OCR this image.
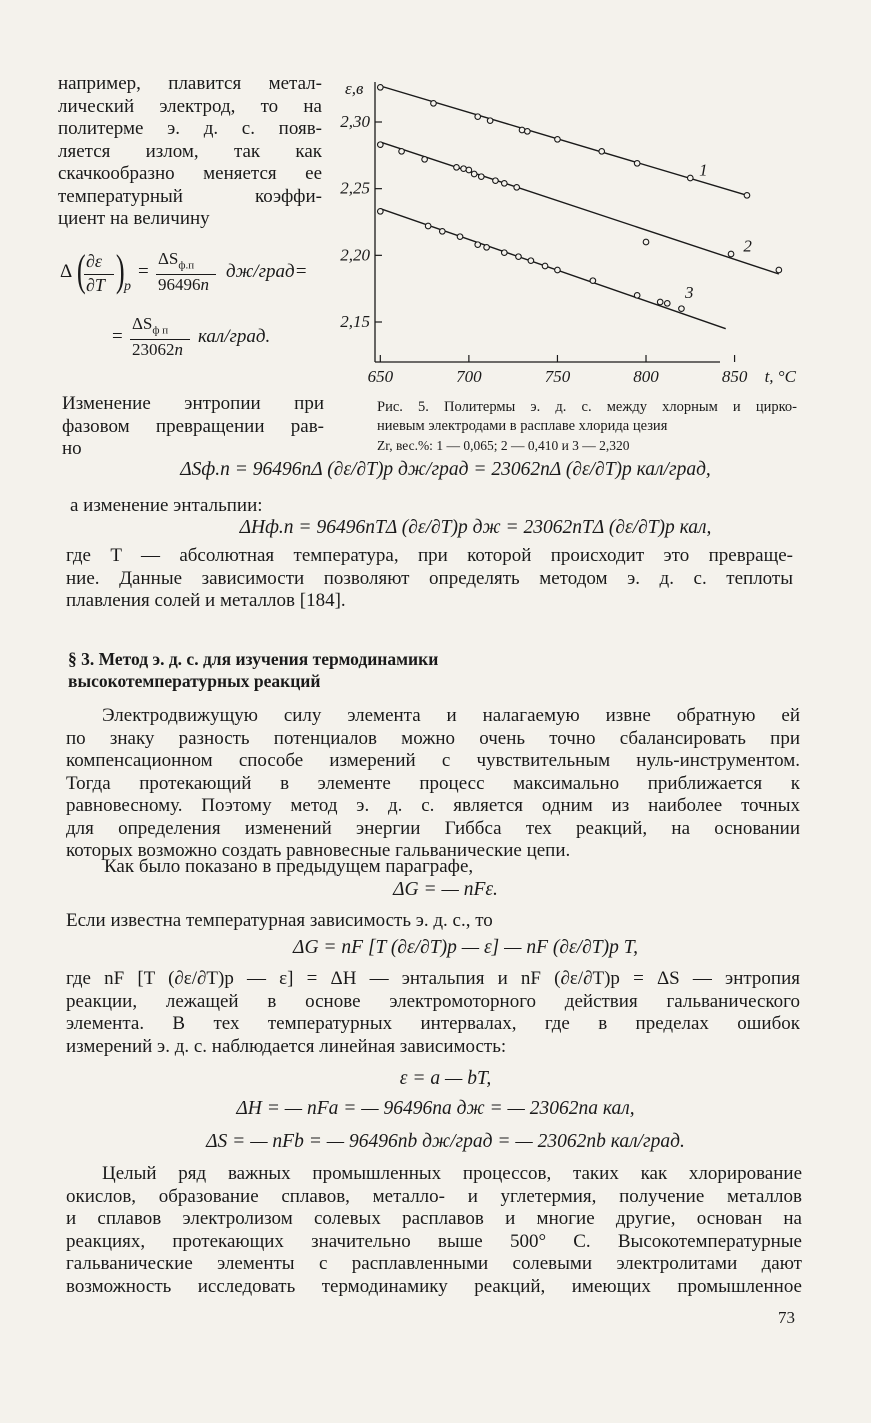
например, плавится метал-
лический электрод, то на
политерме э. д. с. появ-
ляется излом, так как
скачкообразно меняется ее
температурный коэффи-
циент на величину
Δ ( ∂ε
∂T ) p
=
$\Delta S_{ф.п}$
96496n
дж/град=
=
$\Delta S_{ф п}$
23062n
кал/град.
Изменение энтропии при
фазовом превращении рав-
но
ε,в
2,30
2,25
2,20
2,15
650	700	750	800	850 t, °C
1
2
3
Рис. 5. Политермы э. д. с. между хлорным и цирко-
ниевым электродами в расплаве хлорида цезия
Zr, вес.%: 1 — 0,065; 2 — 0,410 и 3 — 2,320
ΔSф.п = 96496nΔ (∂ε/∂T)p дж/град = 23062nΔ (∂ε/∂T)p кал/град,
а изменение энтальпии:
ΔHф.п = 96496nTΔ (∂ε/∂T)p дж = 23062nTΔ (∂ε/∂T)p кал,
где T — абсолютная температура, при которой происходит это превраще-
ние. Данные зависимости позволяют определять методом э. д. с. теплоты
плавления солей и металлов [184].
§ 3. Метод э. д. с. для изучения термодинамики
высокотемпературных реакций
Электродвижущую силу элемента и налагаемую извне обратную ей
по знаку разность потенциалов можно очень точно сбалансировать при
компенсационном способе измерений с чувствительным нуль-инструментом.
Тогда протекающий в элементе процесс максимально приближается к
равновесному. Поэтому метод э. д. с. является одним из наиболее точных
для определения изменений энергии Гиббса тех реакций, на основании
которых возможно создать равновесные гальванические цепи.
Как было показано в предыдущем параграфе,
ΔG = — nFε.
Если известна температурная зависимость э. д. с., то
ΔG = nF [T (∂ε/∂T)p — ε] — nF (∂ε/∂T)p T,
где nF [T (∂ε/∂T)p — ε] = ΔH — энтальпия и nF (∂ε/∂T)p = ΔS — энтропия
реакции, лежащей в основе электромоторного действия гальванического
элемента. В тех температурных интервалах, где в пределах ошибок
измерений э. д. с. наблюдается линейная зависимость:
ε = a — bT,
ΔH = — nFa = — 96496na дж = — 23062na кал,
ΔS = — nFb = — 96496nb дж/град = — 23062nb кал/град.
Целый ряд важных промышленных процессов, таких как хлорирование
окислов, образование сплавов, металло- и углетермия, получение металлов
и сплавов электролизом солевых расплавов и многие другие, основан на
реакциях, протекающих значительно выше 500° С. Высокотемпературные
гальванические элементы с расплавленными солевыми электролитами дают
возможность исследовать термодинамику реакций, имеющих промышленное
73
